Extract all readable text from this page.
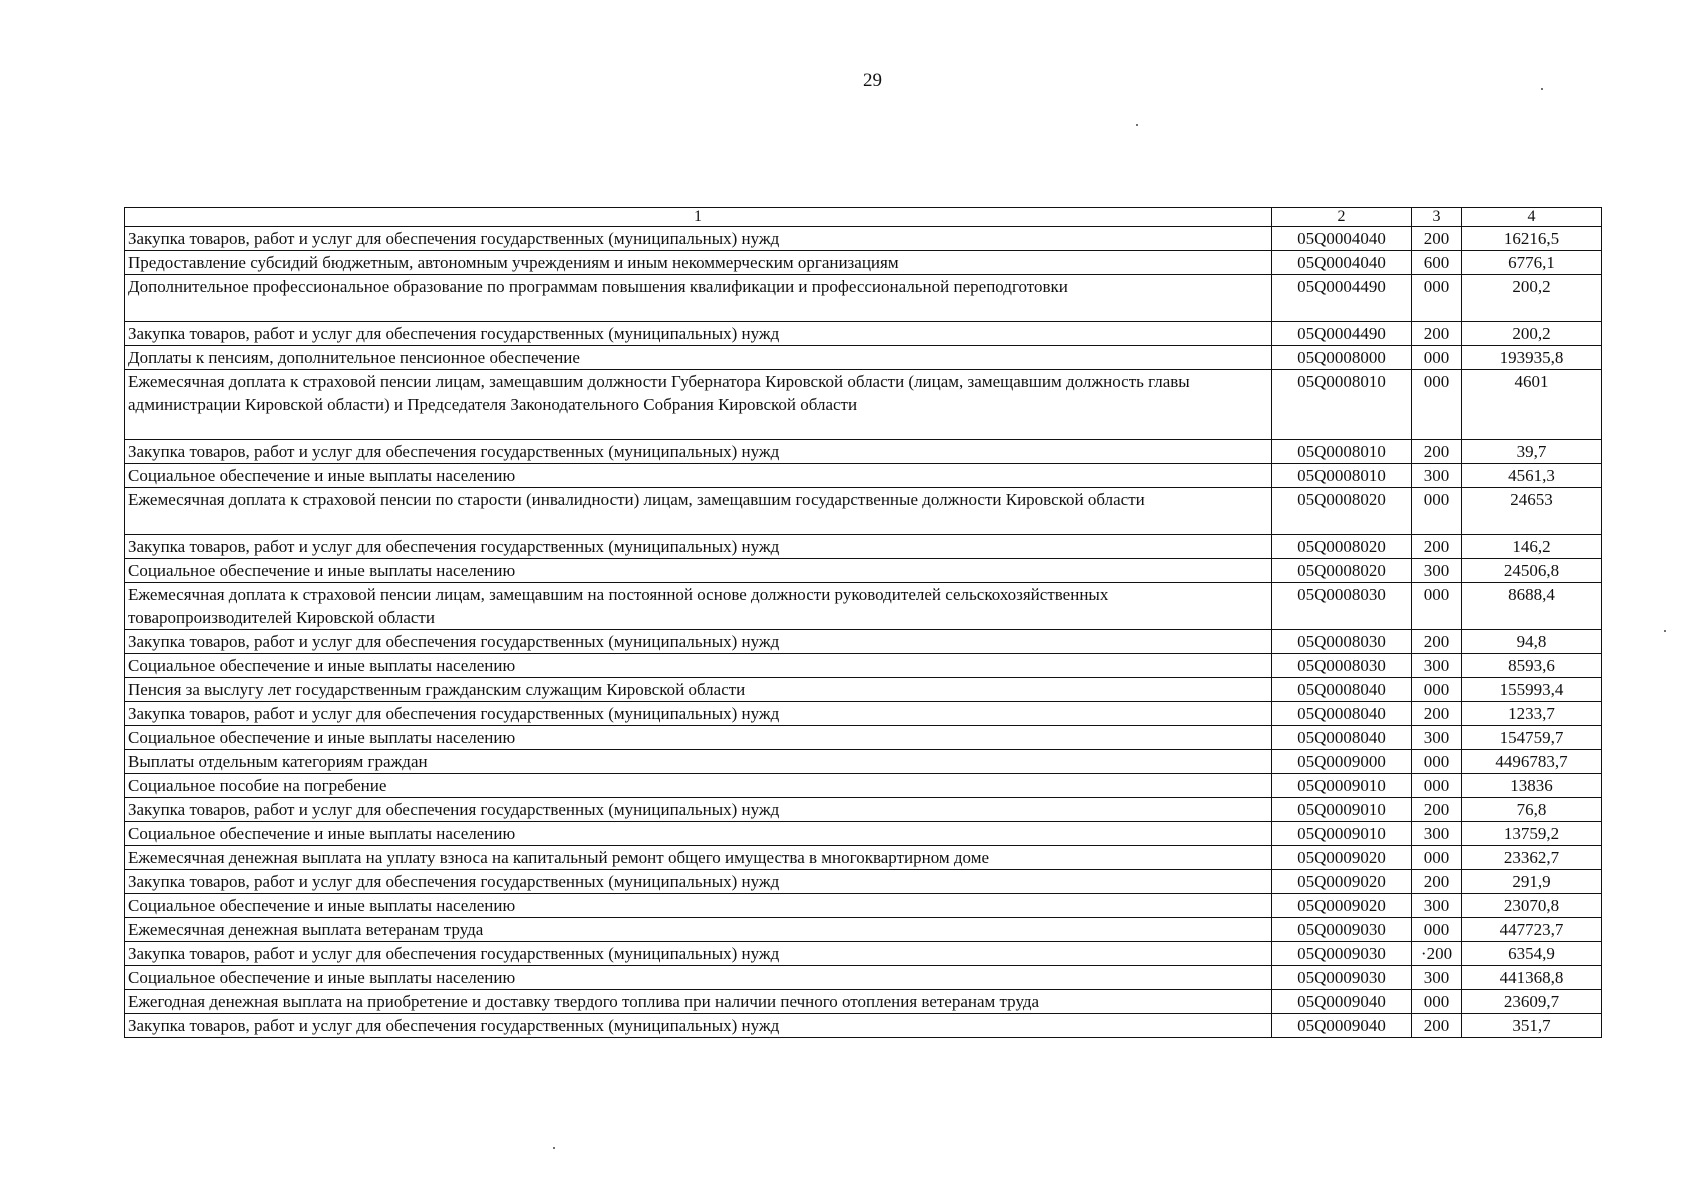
29
1	2	3	4
Закупка товаров, работ и услуг для обеспечения государственных (муниципальных) нужд	05Q0004040	200	16216,5
Предоставление субсидий бюджетным, автономным учреждениям и иным некоммерческим организациям	05Q0004040	600	6776,1
Дополнительное профессиональное образование по программам повышения квалификации и профессиональной переподготовки	05Q0004490	000	200,2
Закупка товаров, работ и услуг для обеспечения государственных (муниципальных) нужд	05Q0004490	200	200,2
Доплаты к пенсиям, дополнительное пенсионное обеспечение	05Q0008000	000	193935,8
Ежемесячная доплата к страховой пенсии лицам, замещавшим должности Губернатора Кировской области (лицам, замещавшим должность главы администрации Кировской области) и Председателя Законодательного Собрания Кировской области	05Q0008010	000	4601
Закупка товаров, работ и услуг для обеспечения государственных (муниципальных) нужд	05Q0008010	200	39,7
Социальное обеспечение и иные выплаты населению	05Q0008010	300	4561,3
Ежемесячная доплата к страховой пенсии по старости (инвалидности) лицам, замещавшим государственные должности Кировской области	05Q0008020	000	24653
Закупка товаров, работ и услуг для обеспечения государственных (муниципальных) нужд	05Q0008020	200	146,2
Социальное обеспечение и иные выплаты населению	05Q0008020	300	24506,8
Ежемесячная доплата к страховой пенсии лицам, замещавшим на постоянной основе должности руководителей сельскохозяйственных товаропроизводителей Кировской области	05Q0008030	000	8688,4
Закупка товаров, работ и услуг для обеспечения государственных (муниципальных) нужд	05Q0008030	200	94,8
Социальное обеспечение и иные выплаты населению	05Q0008030	300	8593,6
Пенсия за выслугу лет государственным гражданским служащим Кировской области	05Q0008040	000	155993,4
Закупка товаров, работ и услуг для обеспечения государственных (муниципальных) нужд	05Q0008040	200	1233,7
Социальное обеспечение и иные выплаты населению	05Q0008040	300	154759,7
Выплаты отдельным категориям граждан	05Q0009000	000	4496783,7
Социальное пособие на погребение	05Q0009010	000	13836
Закупка товаров, работ и услуг для обеспечения государственных (муниципальных) нужд	05Q0009010	200	76,8
Социальное обеспечение и иные выплаты населению	05Q0009010	300	13759,2
Ежемесячная денежная выплата на уплату взноса на капитальный ремонт общего имущества в многоквартирном доме	05Q0009020	000	23362,7
Закупка товаров, работ и услуг для обеспечения государственных (муниципальных) нужд	05Q0009020	200	291,9
Социальное обеспечение и иные выплаты населению	05Q0009020	300	23070,8
Ежемесячная денежная выплата ветеранам труда	05Q0009030	000	447723,7
Закупка товаров, работ и услуг для обеспечения государственных (муниципальных) нужд	05Q0009030	·200	6354,9
Социальное обеспечение и иные выплаты населению	05Q0009030	300	441368,8
Ежегодная денежная выплата на приобретение и доставку твердого топлива при наличии печного отопления ветеранам труда	05Q0009040	000	23609,7
Закупка товаров, работ и услуг для обеспечения государственных (муниципальных) нужд	05Q0009040	200	351,7
